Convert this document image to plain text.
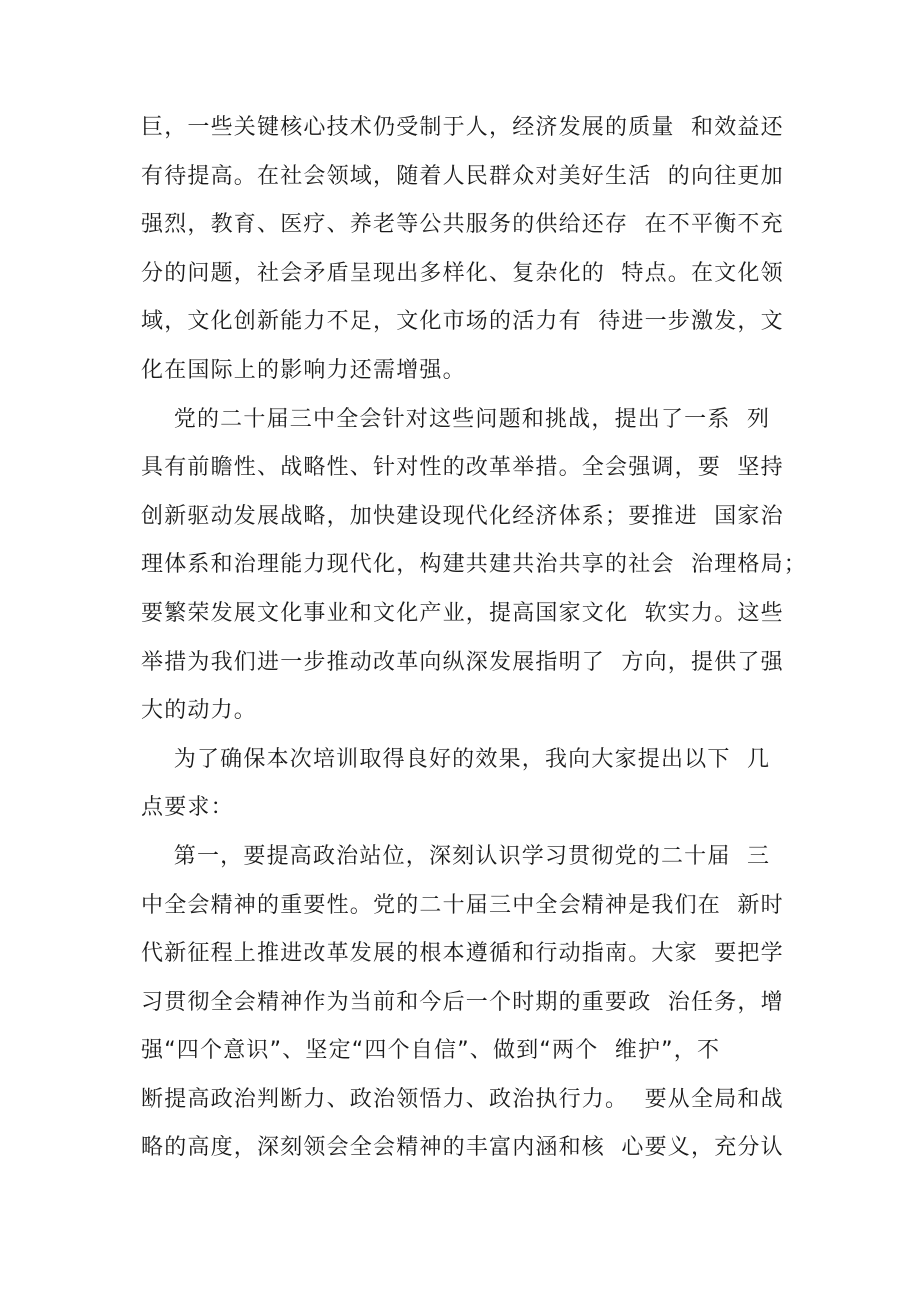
巨，一些关键核心技术仍受制于人，经济发展的质量  和效益还
有待提高。在社会领域，随着人民群众对美好生活  的向往更加
强烈，教育、医疗、养老等公共服务的供给还存  在不平衡不充
分的问题，社会矛盾呈现出多样化、复杂化的  特点。在文化领
域，文化创新能力不足，文化市场的活力有  待进一步激发，文
化在国际上的影响力还需增强。
党的二十届三中全会针对这些问题和挑战，提出了一系  列
具有前瞻性、战略性、针对性的改革举措。全会强调，要  坚持
创新驱动发展战略，加快建设现代化经济体系；要推进  国家治
理体系和治理能力现代化，构建共建共治共享的社会  治理格局；
要繁荣发展文化事业和文化产业，提高国家文化  软实力。这些
举措为我们进一步推动改革向纵深发展指明了  方向，提供了强
大的动力。
为了确保本次培训取得良好的效果，我向大家提出以下  几
点要求：
第一，要提高政治站位，深刻认识学习贯彻党的二十届  三
中全会精神的重要性。党的二十届三中全会精神是我们在  新时
代新征程上推进改革发展的根本遵循和行动指南。大家  要把学
习贯彻全会精神作为当前和今后一个时期的重要政  治任务，增
强“四个意识”、坚定“四个自信”、做到“两个  维护”，不
断提高政治判断力、政治领悟力、政治执行力。  要从全局和战
略的高度，深刻领会全会精神的丰富内涵和核  心要义，充分认
